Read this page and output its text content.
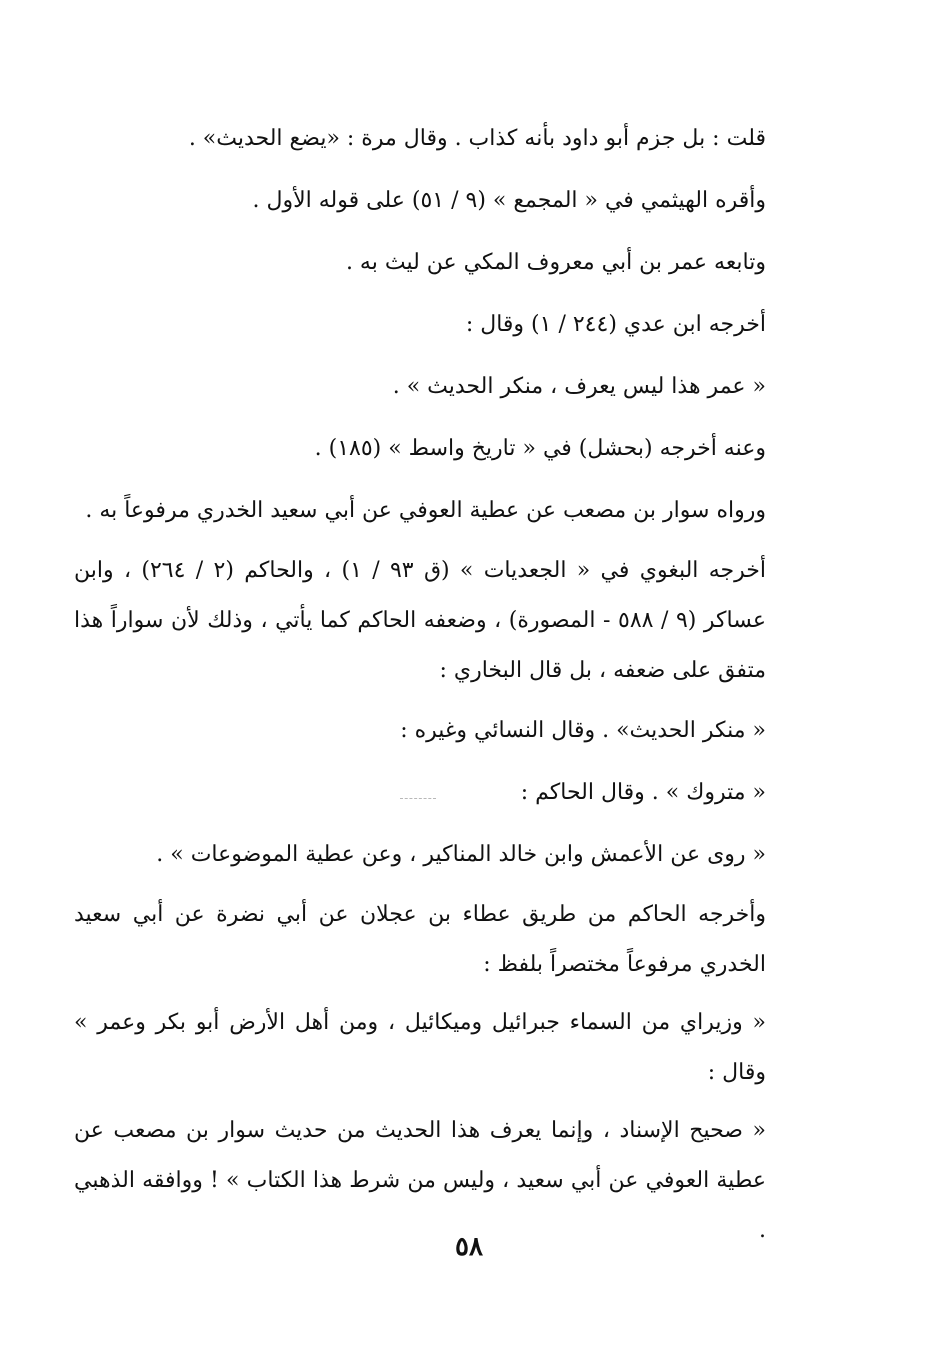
قلت : بل جزم أبو داود بأنه كذاب . وقال مرة : «يضع الحديث» .

وأقره الهيثمي في « المجمع » (٩ / ٥١) على قوله الأول .

وتابعه عمر بن أبي معروف المكي عن ليث به .

أخرجه ابن عدي (٢٤٤ / ١) وقال :

« عمر هذا ليس يعرف ، منكر الحديث » .

وعنه أخرجه (بحشل) في « تاريخ واسط » (١٨٥) .

ورواه سوار بن مصعب عن عطية العوفي عن أبي سعيد الخدري مرفوعاً به .

أخرجه البغوي في « الجعديات » (ق ٩٣ / ١) ، والحاكم (٢ / ٢٦٤) ، وابن عساكر (٩ / ٥٨٨ - المصورة) ، وضعفه الحاكم كما يأتي ، وذلك لأن سواراً هذا متفق على ضعفه ، بل قال البخاري :

« منكر الحديث» . وقال النسائي وغيره :

« متروك » . وقال الحاكم :

« روى عن الأعمش وابن خالد المناكير ، وعن عطية الموضوعات » .

وأخرجه الحاكم من طريق عطاء بن عجلان عن أبي نضرة عن أبي سعيد الخدري مرفوعاً مختصراً بلفظ :

« وزيراي من السماء جبرائيل وميكائيل ، ومن أهل الأرض أبو بكر وعمر » وقال :

« صحيح الإسناد ، وإنما يعرف هذا الحديث من حديث سوار بن مصعب عن عطية العوفي عن أبي سعيد ، وليس من شرط هذا الكتاب » ! ووافقه الذهبي .

٥٨
